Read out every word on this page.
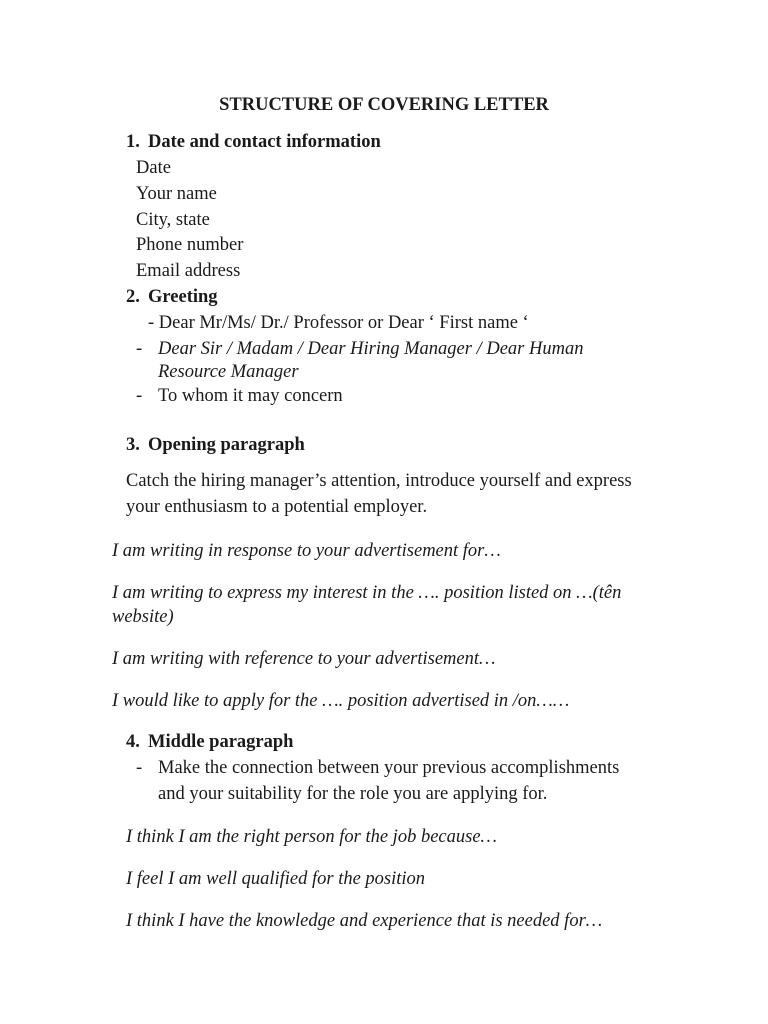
STRUCTURE OF COVERING LETTER
1. Date and contact information
Date
Your name
City, state
Phone number
Email address
2. Greeting
- Dear Mr/Ms/ Dr./ Professor or Dear ‘ First name ‘
- Dear Sir / Madam / Dear Hiring Manager / Dear Human
Resource Manager
- To whom it may concern
3. Opening paragraph
Catch the hiring manager’s attention, introduce yourself and express
your enthusiasm to a potential employer.
I am writing in response to your advertisement for…
I am writing to express my interest in the …. position listed on …(tên
website)
I am writing with reference to your advertisement…
I would like to apply for the …. position advertised in /on……
4. Middle paragraph
- Make the connection between your previous accomplishments
and your suitability for the role you are applying for.
I think I am the right person for the job because…
I feel I am well qualified for the position
I think I have the knowledge and experience that is needed for…
